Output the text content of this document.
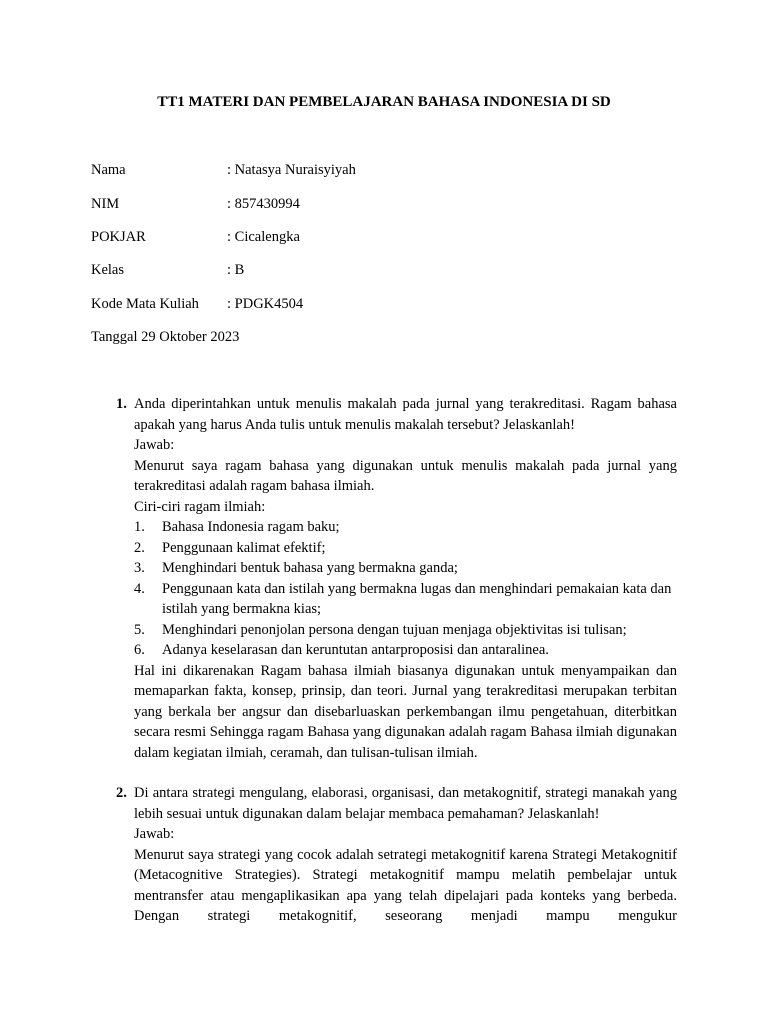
TT1 MATERI DAN PEMBELAJARAN BAHASA INDONESIA DI SD
Nama	: Natasya Nuraisyiyah
NIM	: 857430994
POKJAR	: Cicalengka
Kelas	: B
Kode Mata Kuliah : PDGK4504
Tanggal 29 Oktober 2023
1. Anda diperintahkan untuk menulis makalah pada jurnal yang terakreditasi. Ragam bahasa apakah yang harus Anda tulis untuk menulis makalah tersebut? Jelaskanlah!

Jawab:

Menurut saya ragam bahasa yang digunakan untuk menulis makalah pada jurnal yang terakreditasi adalah ragam bahasa ilmiah.

Ciri-ciri ragam ilmiah:

1. Bahasa Indonesia ragam baku;
2. Penggunaan kalimat efektif;
3. Menghindari bentuk bahasa yang bermakna ganda;
4. Penggunaan kata dan istilah yang bermakna lugas dan menghindari pemakaian kata dan istilah yang bermakna kias;
5. Menghindari penonjolan persona dengan tujuan menjaga objektivitas isi tulisan;
6. Adanya keselarasan dan keruntutan antarproposisi dan antaralinea.

Hal ini dikarenakan Ragam bahasa ilmiah biasanya digunakan untuk menyampaikan dan memaparkan fakta, konsep, prinsip, dan teori. Jurnal yang terakreditasi merupakan terbitan yang berkala ber angsur dan disebarluaskan perkembangan ilmu pengetahuan, diterbitkan secara resmi Sehingga ragam Bahasa yang digunakan adalah ragam Bahasa ilmiah digunakan dalam kegiatan ilmiah, ceramah, dan tulisan-tulisan ilmiah.

2. Di antara strategi mengulang, elaborasi, organisasi, dan metakognitif, strategi manakah yang lebih sesuai untuk digunakan dalam belajar membaca pemahaman? Jelaskanlah!

Jawab:

Menurut saya strategi yang cocok adalah setrategi metakognitif karena Strategi Metakognitif (Metacognitive Strategies). Strategi metakognitif mampu melatih pembelajar untuk mentransfer atau mengaplikasikan apa yang telah dipelajari pada konteks yang berbeda. Dengan strategi metakognitif, seseorang menjadi mampu mengukur
